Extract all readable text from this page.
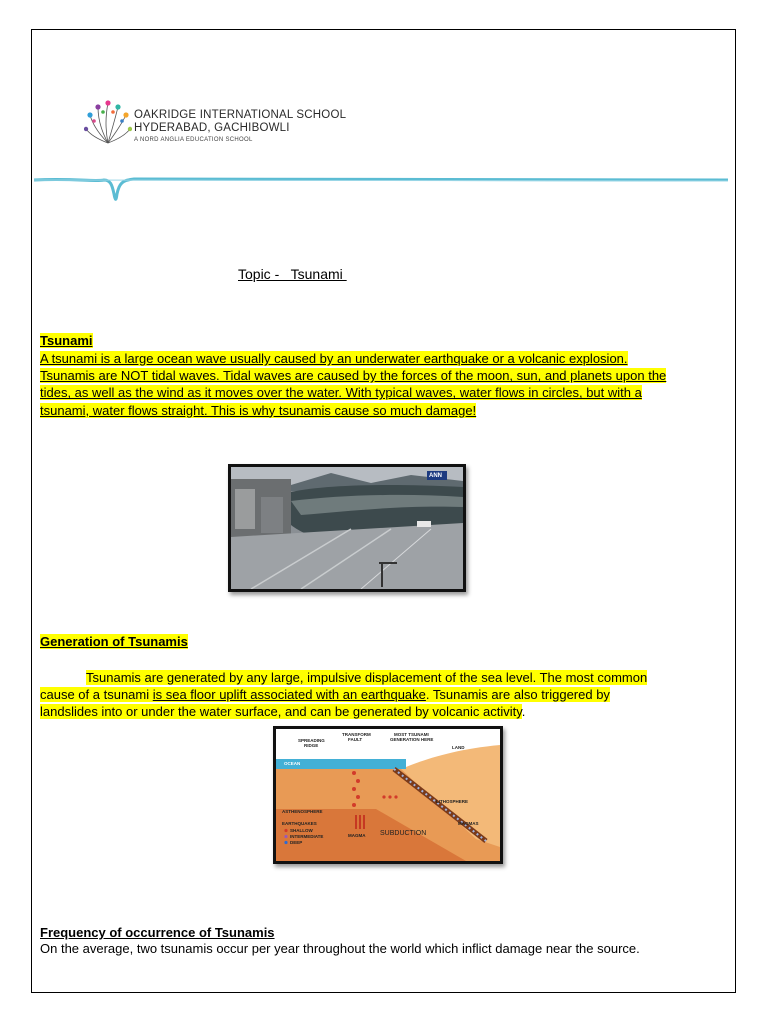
OAKRIDGE INTERNATIONAL SCHOOL
HYDERABAD, GACHIBOWLI
A NORD ANGLIA EDUCATION SCHOOL
Topic -   Tsunami
Tsunami
A tsunami is a large ocean wave usually caused by an underwater earthquake or a volcanic explosion.
Tsunamis are NOT tidal waves. Tidal waves are caused by the forces of the moon, sun, and planets upon the
tides, as well as the wind as it moves over the water. With typical waves, water flows in circles, but with a
tsunami, water flows straight. This is why tsunamis cause so much damage!
ANN
Generation of Tsunamis
Tsunamis are generated by any large, impulsive displacement of the sea level. The most common
cause of a tsunami is sea floor uplift associated with an earthquake. Tsunamis are also triggered by
landslides into or under the water surface, and can be generated by volcanic activity.
SPREADING
RIDGE
TRANSFORM
FAULT
MOST TSUNAMI
GENERATION HERE
LAND
OCEAN
LITHOSPHERE
ASTHENOSPHERE
MAGMA
MAGMAS
EARTHQUAKES
SHALLOW
INTERMEDIATE
DEEP
SUBDUCTION
Frequency of occurrence of Tsunamis
On the average, two tsunamis occur per year throughout the world which inflict damage near the source.
